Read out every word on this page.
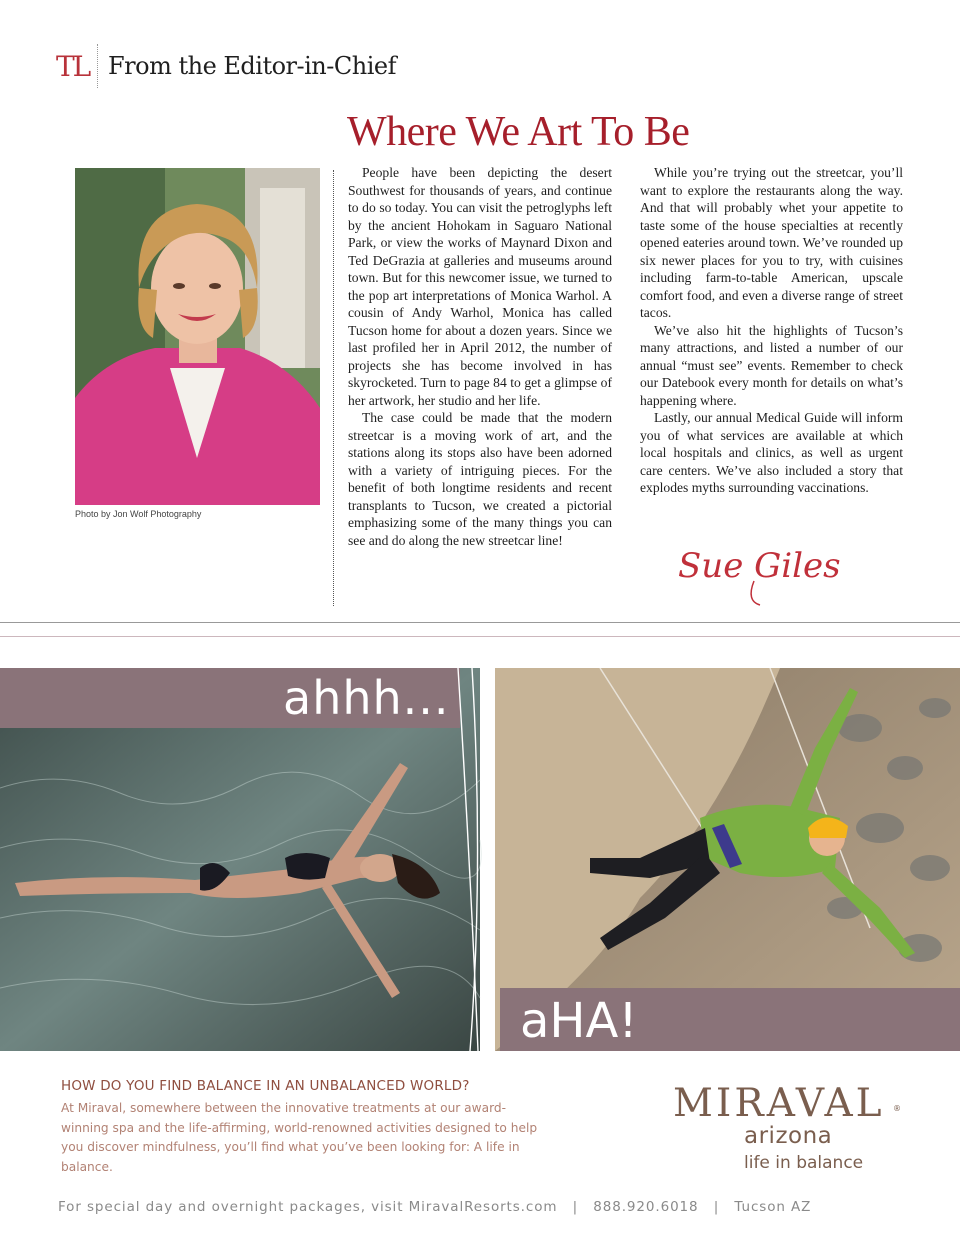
TL From the Editor-in-Chief
Where We Art To Be
Photo by Jon Wolf Photography

People have been depicting the desert Southwest for thousands of years, and continue to do so today. You can visit the petroglyphs left by the ancient Hohokam in Saguaro National Park, or view the works of Maynard Dixon and Ted DeGrazia at galleries and museums around town. But for this newcomer issue, we turned to the pop art interpretations of Monica Warhol. A cousin of Andy Warhol, Monica has called Tucson home for about a dozen years. Since we last profiled her in April 2012, the number of projects she has become involved in has skyrocketed. Turn to page 84 to get a glimpse of her artwork, her studio and her life.

The case could be made that the modern streetcar is a moving work of art, and the stations along its stops also have been adorned with a variety of intriguing pieces. For the benefit of both longtime residents and recent transplants to Tucson, we created a pictorial emphasizing some of the many things you can see and do along the new streetcar line!

While you’re trying out the streetcar, you’ll want to explore the restaurants along the way. And that will probably whet your appetite to taste some of the house specialties at recently opened eateries around town. We’ve rounded up six newer places for you to try, with cuisines including farm-to-table American, upscale comfort food, and even a diverse range of street tacos.

We’ve also hit the highlights of Tucson’s many attractions, and listed a number of our annual “must see” events. Remember to check our Datebook every month for details on what’s happening where.

Lastly, our annual Medical Guide will inform you of what services are available at which local hospitals and clinics, as well as urgent care centers. We’ve also included a story that explodes myths surrounding vaccinations.

Sue Giles
ahhh...
aHA!
HOW DO YOU FIND BALANCE IN AN UNBALANCED WORLD?
At Miraval, somewhere between the innovative treatments at our award-winning spa and the life-affirming, world-renowned activities designed to help you discover mindfulness, you’ll find what you’ve been looking for: A life in balance.
MIRAVAL ®
arizona
life in balance
For special day and overnight packages, visit MiravalResorts.com | 888.920.6018 | Tucson AZ
